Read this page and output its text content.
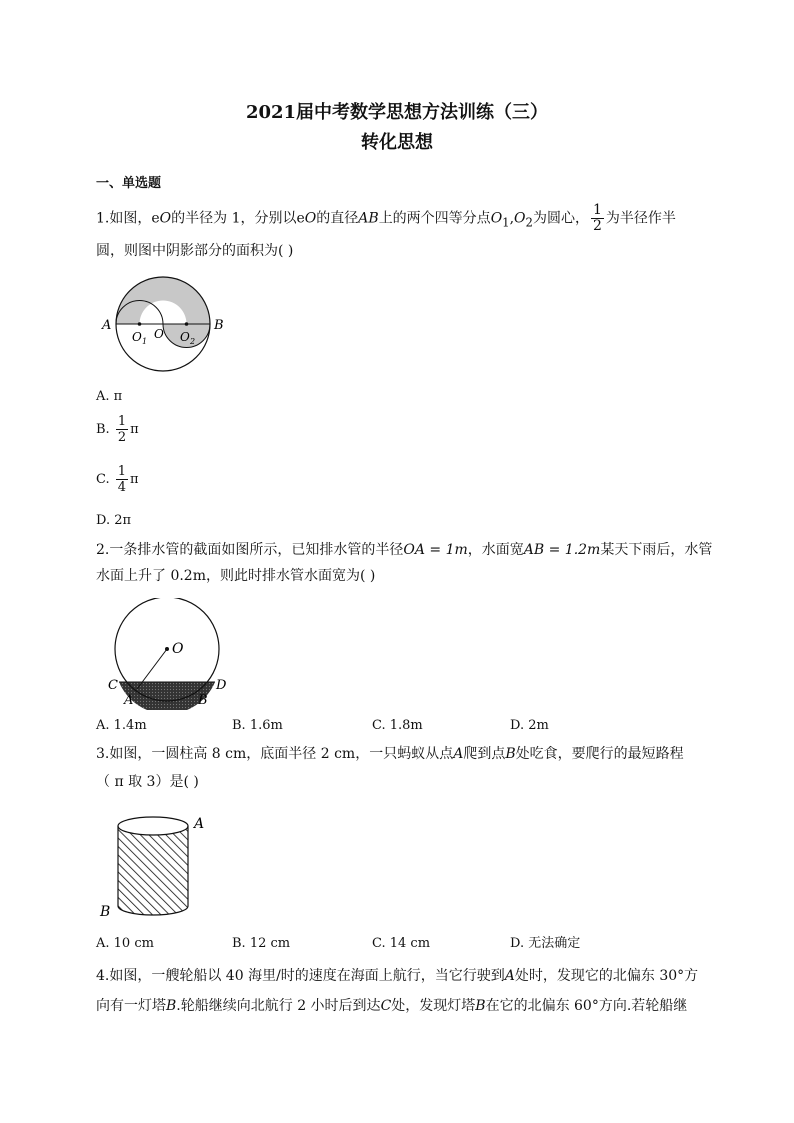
2021届中考数学思想方法训练（三）
转化思想
一、单选题
1.如图，eO的半径为 1，分别以eO的直径AB上的两个四等分点$O_1,O_2$为圆心， $\frac{1}{2}$ 为半径作半
圆，则图中阴影部分的面积为( )
A	B
O 1
O O 2
A. π
B. $\frac{1}{2}$ π
C. $\frac{1}{4}$ π
D. 2π
2.一条排水管的截面如图所示，已知排水管的半径OA = 1m，水面宽AB = 1.2m某天下雨后，水管
水面上升了 0.2m，则此时排水管水面宽为( )
O
C	D
A	B
A. 1.4m	B. 1.6m	C. 1.8m	D. 2m
3.如图，一圆柱高 8 cm，底面半径 2 cm，一只蚂蚁从点A爬到点B处吃食，要爬行的最短路程
（ π 取 3）是( )
A
B
A. 10 cm	B. 12 cm	C. 14 cm	D. 无法确定
4.如图，一艘轮船以 40 海里/时的速度在海面上航行，当它行驶到A处时，发现它的北偏东 30°方
向有一灯塔B.轮船继续向北航行 2 小时后到达C处，发现灯塔B在它的北偏东 60°方向.若轮船继
